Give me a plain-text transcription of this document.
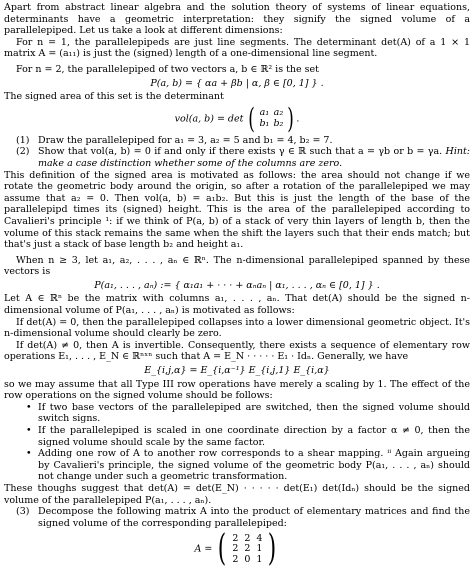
Apart from abstract linear algebra and the solution theory of systems of linear equations, determinants have a geometric interpretation: they signify the signed volume of a parallelepiped. Let us take a look at different dimensions:

For n = 1, the parallelepipeds are just line segments. The determinant det(A) of a 1 × 1 matrix A = (a₁₁) is just the (signed) length of a one-dimensional line segment.

For n = 2, the parallelepiped of two vectors a, b ∈ ℝ² is the set

P(a, b) = { αa + βb | α, β ∈ [0, 1] } .

The signed area of this set is the determinant

vol(a, b) = det ( a₁ a₂
b₁ b₂ ) .
(1) Draw the parallelepiped for a₁ = 3, a₂ = 5 and b₁ = 4, b₂ = 7.
(2) Show that vol(a, b) = 0 if and only if there exists γ ∈ ℝ such that a = γb or b = γa. Hint: make a case distinction whether some of the columns are zero.

This definition of the signed area is motivated as follows: the area should not change if we rotate the geometric body around the origin, so after a rotation of the parallelepiped we may assume that a₂ = 0. Then vol(a, b) = a₁b₂. But this is just the length of the base of the parallelepipd times its (signed) height. This is the area of the parallelepiped according to Cavalieri's principle ¹: if we think of P(a, b) of a stack of very thin layers of length b, then the volume of this stack remains the same when the shift the layers such that their ends match; but that's just a stack of base length b₂ and height a₁.

When n ≥ 3, let a₁, a₂, . . . , aₙ ∈ ℝⁿ. The n-dimensional parallelepiped spanned by these vectors is

P(a₁, . . . , aₙ) := { α₁a₁ + · · · + αₙaₙ | α₁, . . . , αₙ ∈ [0, 1] } .

Let A ∈ ℝⁿ be the matrix with columns a₁, . . . , aₙ. That det(A) should be the signed n-dimensional volume of P(a₁, . . . , aₙ) is motivated as follows:

If det(A) = 0, then the parallelepiped collapses into a lower dimensional geometric object. It's n-dimensional volume should clearly be zero.

If det(A) ≠ 0, then A is invertible. Consequently, there exists a sequence of elementary row operations E₁, . . . , E_N ∈ ℝⁿˣⁿ such that A = E_N · · · · · E₁ · Idₙ. Generally, we have

E_{i,j,α} = E_{i,α⁻¹} E_{i,j,1} E_{i,α}

so we may assume that all Type III row operations have merely a scaling by 1. The effect of the row operations on the signed volume should be follows:

• If two base vectors of the parallelepiped are switched, then the signed volume should switch signs.
• If the parallelepiped is scaled in one coordinate direction by a factor α ≠ 0, then the signed volume should scale by the same factor.
• Adding one row of A to another row corresponds to a shear mapping. ⁱⁱ Again argueing by Cavalieri's principle, the signed volume of the geometric body P(a₁, . . . , aₙ) should not change under such a geometric transformation.

These thoughs suggest that det(A) = det(E_N) · · · · · det(E₁) det(Idₙ) should be the signed volume of the parallelepiped P(a₁, . . . , aₙ).

(3) Decompose the following matrix A into the product of elementary matrices and find the signed volume of the corresponding parallelepiped:
A = ( 2 2 4
2 2 1
2 0 1 )
